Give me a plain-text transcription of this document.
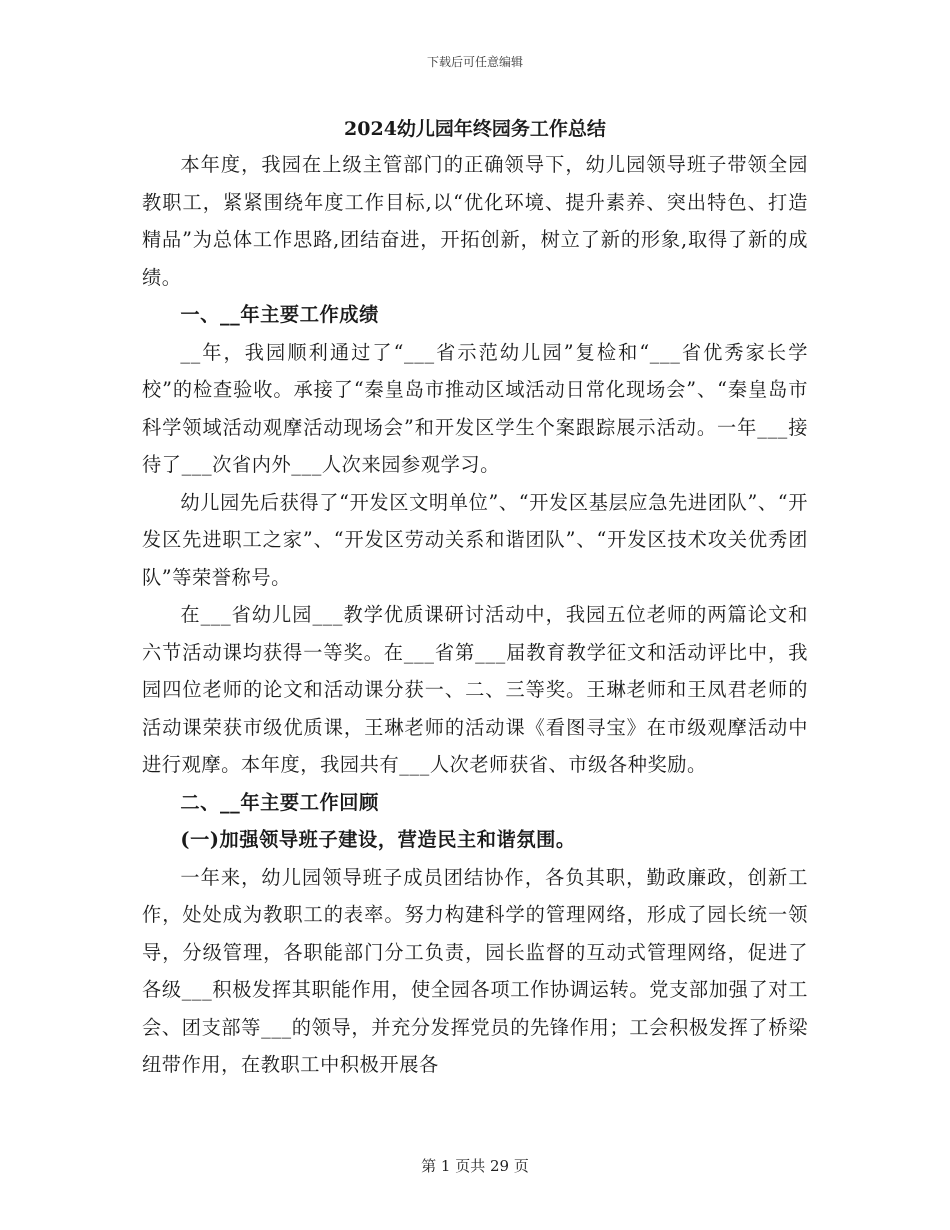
下载后可任意编辑

2024幼儿园年终园务工作总结

本年度，我园在上级主管部门的正确领导下，幼儿园领导班子带领全园教职工，紧紧围绕年度工作目标,以“优化环境、提升素养、突出特色、打造精品”为总体工作思路,团结奋进，开拓创新，树立了新的形象,取得了新的成绩。

一、__年主要工作成绩

__年，我园顺利通过了“___省示范幼儿园”复检和“___省优秀家长学校”的检查验收。承接了“秦皇岛市推动区域活动日常化现场会”、“秦皇岛市科学领域活动观摩活动现场会”和开发区学生个案跟踪展示活动。一年___接待了___次省内外___人次来园参观学习。

幼儿园先后获得了“开发区文明单位”、“开发区基层应急先进团队”、“开发区先进职工之家”、“开发区劳动关系和谐团队”、“开发区技术攻关优秀团队”等荣誉称号。

在___省幼儿园___教学优质课研讨活动中，我园五位老师的两篇论文和六节活动课均获得一等奖。在___省第___届教育教学征文和活动评比中，我园四位老师的论文和活动课分获一、二、三等奖。王琳老师和王凤君老师的活动课荣获市级优质课，王琳老师的活动课《看图寻宝》在市级观摩活动中进行观摩。本年度，我园共有___人次老师获省、市级各种奖励。

二、__年主要工作回顾

(一)加强领导班子建设，营造民主和谐氛围。

一年来，幼儿园领导班子成员团结协作，各负其职，勤政廉政，创新工作，处处成为教职工的表率。努力构建科学的管理网络，形成了园长统一领导，分级管理，各职能部门分工负责，园长监督的互动式管理网络，促进了各级___积极发挥其职能作用，使全园各项工作协调运转。党支部加强了对工会、团支部等___的领导，并充分发挥党员的先锋作用；工会积极发挥了桥梁纽带作用，在教职工中积极开展各

第 1 页共 29 页
